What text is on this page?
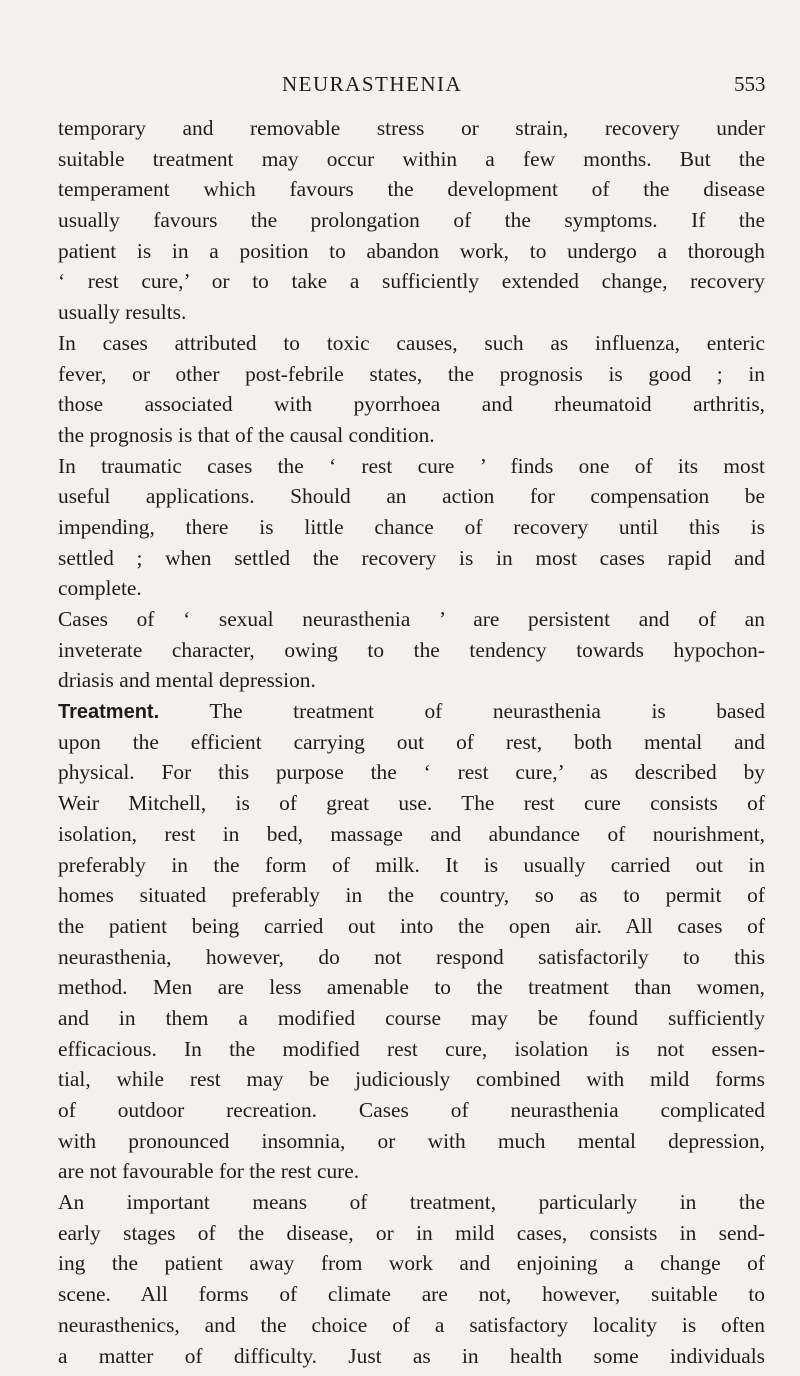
NEURASTHENIA	553
temporary and removable stress or strain, recovery under
suitable treatment may occur within a few months. But the
temperament which favours the development of the disease
usually favours the prolongation of the symptoms. If the
patient is in a position to abandon work, to undergo a thorough
‘ rest cure,’ or to take a sufficiently extended change, recovery
usually results.
In cases attributed to toxic causes, such as influenza, enteric
fever, or other post-febrile states, the prognosis is good ; in
those associated with pyorrhoea and rheumatoid arthritis,
the prognosis is that of the causal condition.
In traumatic cases the ‘ rest cure ’ finds one of its most
useful applications. Should an action for compensation be
impending, there is little chance of recovery until this is
settled ; when settled the recovery is in most cases rapid and
complete.
Cases of ‘ sexual neurasthenia ’ are persistent and of an
inveterate character, owing to the tendency towards hypochon-
driasis and mental depression.
Treatment. The treatment of neurasthenia is based
upon the efficient carrying out of rest, both mental and
physical. For this purpose the ‘ rest cure,’ as described by
Weir Mitchell, is of great use. The rest cure consists of
isolation, rest in bed, massage and abundance of nourishment,
preferably in the form of milk. It is usually carried out in
homes situated preferably in the country, so as to permit of
the patient being carried out into the open air. All cases of
neurasthenia, however, do not respond satisfactorily to this
method. Men are less amenable to the treatment than women,
and in them a modified course may be found sufficiently
efficacious. In the modified rest cure, isolation is not essen-
tial, while rest may be judiciously combined with mild forms
of outdoor recreation. Cases of neurasthenia complicated
with pronounced insomnia, or with much mental depression,
are not favourable for the rest cure.
An important means of treatment, particularly in the
early stages of the disease, or in mild cases, consists in send-
ing the patient away from work and enjoining a change of
scene. All forms of climate are not, however, suitable to
neurasthenics, and the choice of a satisfactory locality is often
a matter of difficulty. Just as in health some individuals
